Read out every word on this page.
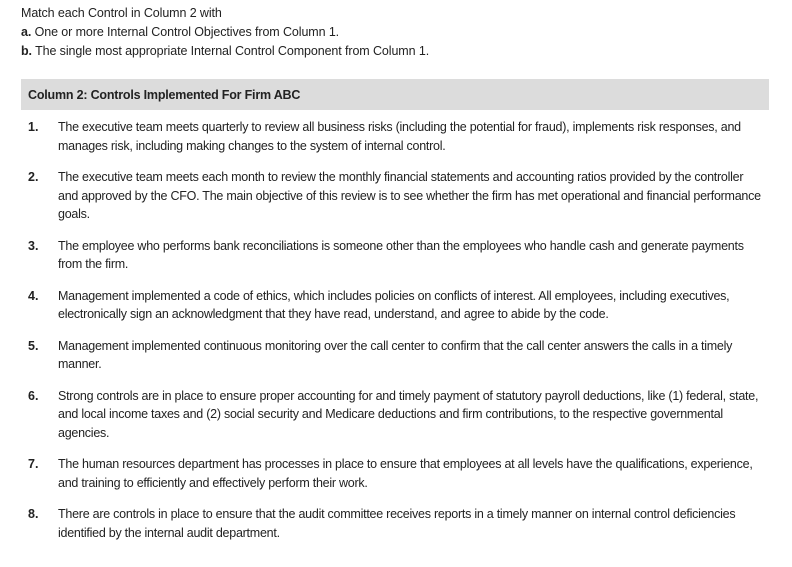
Match each Control in Column 2 with

a. One or more Internal Control Objectives from Column 1.

b. The single most appropriate Internal Control Component from Column 1.

Column 2: Controls Implemented For Firm ABC
1.	The executive team meets quarterly to review all business risks (including the potential for fraud), implements risk responses, and manages risk, including making changes to the system of internal control.
2.	The executive team meets each month to review the monthly financial statements and accounting ratios provided by the controller and approved by the CFO. The main objective of this review is to see whether the firm has met operational and financial performance goals.
3.	The employee who performs bank reconciliations is someone other than the employees who handle cash and generate payments from the firm.
4.	Management implemented a code of ethics, which includes policies on conflicts of interest. All employees, including executives, electronically sign an acknowledgment that they have read, understand, and agree to abide by the code.
5.	Management implemented continuous monitoring over the call center to confirm that the call center answers the calls in a timely manner.
6.	Strong controls are in place to ensure proper accounting for and timely payment of statutory payroll deductions, like (1) federal, state, and local income taxes and (2) social security and Medicare deductions and firm contributions, to the respective governmental agencies.
7.	The human resources department has processes in place to ensure that employees at all levels have the qualifications, experience, and training to efficiently and effectively perform their work.
8.	There are controls in place to ensure that the audit committee receives reports in a timely manner on internal control deficiencies identified by the internal audit department.
